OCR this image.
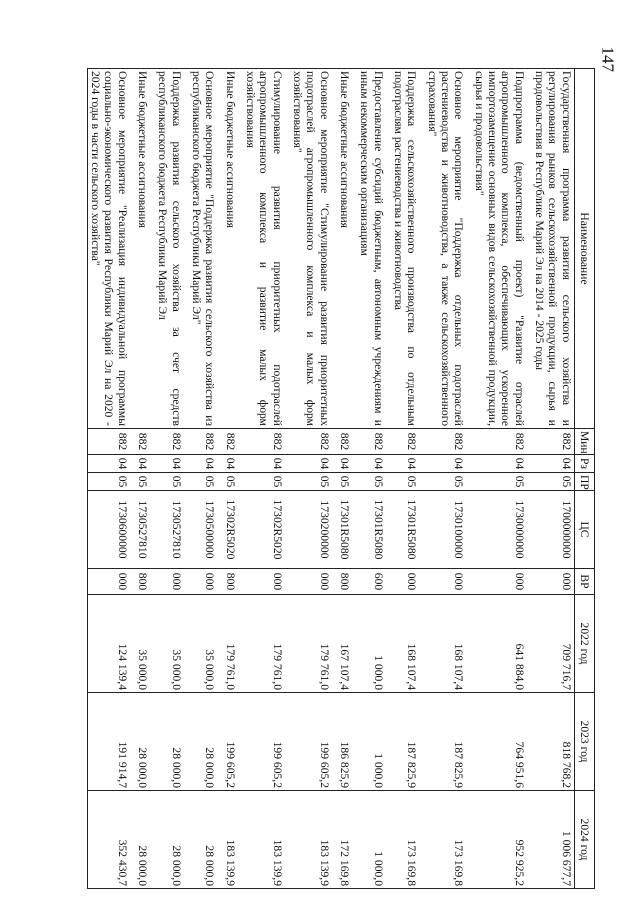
147
Наименование	Мин	Рз	ПР	ЦС	ВР	2022 год	2023 год	2024 год
Государственная программа развития сельского хозяйства и регулирования рынков сельскохозяйственной продукции, сырья и продовольствия в Республике Марий Эл на 2014 - 2025 годы	882	04	05	1700000000	000	709 716,7	818 768,2	1 006 677,7
Подпрограмма (ведомственный проект) "Развитие отраслей агропромышленного комплекса, обеспечивающих ускоренное импортозамещение основных видов сельскохозяйственной продукции, сырья и продовольствия"	882	04	05	1730000000	000	641 884,0	764 951,6	952 925,2
Основное мероприятие "Поддержка отдельных подотраслей растениеводства и животноводства, а также сельскохозяйственного страхования"	882	04	05	1730100000	000	168 107,4	187 825,9	173 169,8
Поддержка сельскохозяйственного производства по отдельным подотраслям растениеводства и животноводства	882	04	05	17301R5080	000	168 107,4	187 825,9	173 169,8
Предоставление субсидий бюджетным, автономным учреждениям и иным некоммерческим организациям	882	04	05	17301R5080	600	1 000,0	1 000,0	1 000,0
Иные бюджетные ассигнования	882	04	05	17301R5080	800	167 107,4	186 825,9	172 169,8
Основное мероприятие "Стимулирование развития приоритетных подотраслей агропромышленного комплекса и малых форм хозяйствования"	882	04	05	1730200000	000	179 761,0	199 605,2	183 139,9
Стимулирование развития приоритетных подотраслей агропромышленного комплекса и развитие малых форм хозяйствования	882	04	05	17302R5020	000	179 761,0	199 605,2	183 139,9
Иные бюджетные ассигнования	882	04	05	17302R5020	800	179 761,0	199 605,2	183 139,9
Основное мероприятие "Поддержка развития сельского хозяйства из республиканского бюджета Республики Марий Эл"	882	04	05	1730500000	000	35 000,0	28 000,0	28 000,0
Поддержка развития сельского хозяйства за счет средств республиканского бюджета Республики Марий Эл	882	04	05	1730527810	000	35 000,0	28 000,0	28 000,0
Иные бюджетные ассигнования	882	04	05	1730527810	800	35 000,0	28 000,0	28 000,0
Основное мероприятие "Реализация индивидуальной программы социально-экономического развития Республики Марий Эл на 2020 - 2024 годы в части сельского хозяйства"	882	04	05	1730600000	000	124 139,4	191 914,7	352 430,7
